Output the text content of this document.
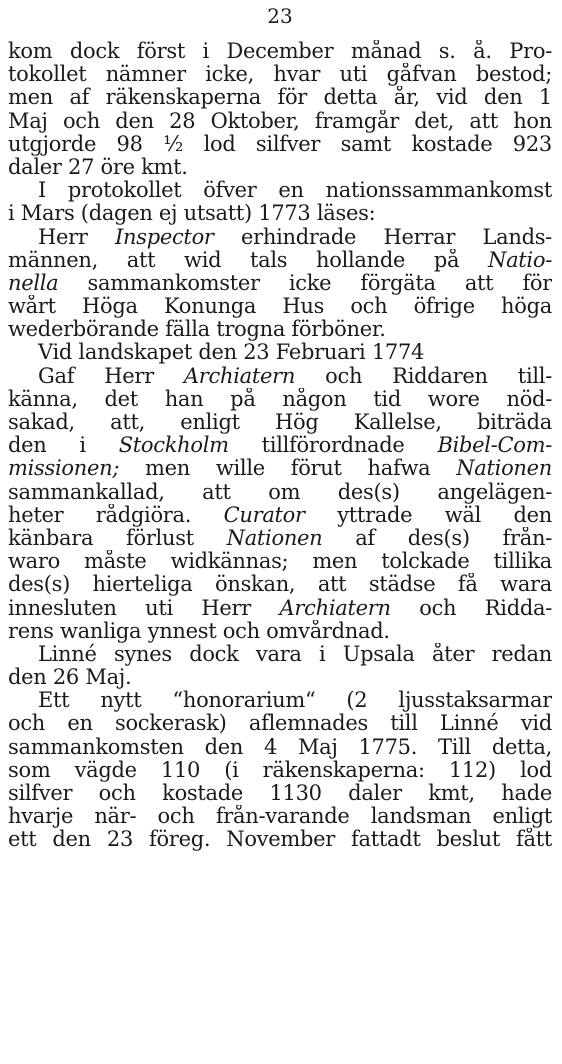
23
kom dock först i December månad s. å. Pro-
tokollet nämner icke, hvar uti gåfvan bestod;
men af räkenskaperna för detta år, vid den 1
Maj och den 28 Oktober, framgår det, att hon
utgjorde 98 ½ lod silfver samt kostade 923
daler 27 öre kmt.
I protokollet öfver en nationssammankomst
i Mars (dagen ej utsatt) 1773 läses:
Herr Inspector erhindrade Herrar Lands-
männen, att wid tals hollande på Natio-
nella sammankomster icke förgäta att för
wårt Höga Konunga Hus och öfrige höga
wederbörande fälla trogna förböner.
Vid landskapet den 23 Februari 1774
Gaf Herr Archiatern och Riddaren till-
känna, det han på någon tid wore nöd-
sakad, att, enligt Hög Kallelse, biträda
den i Stockholm tillförordnade Bibel-Com-
missionen; men wille förut hafwa Nationen
sammankallad, att om des(s) angelägen-
heter rådgiöra. Curator yttrade wäl den
känbara förlust Nationen af des(s) från-
waro måste widkännas; men tolckade tillika
des(s) hierteliga önskan, att städse få wara
inneslutеn uti Herr Archiatern och Ridda-
rens wanliga ynnest och omvårdnad.
Linné synes dock vara i Upsala åter redan
den 26 Maj.
Ett nytt “honorarium“ (2 ljusstaksarmar
och en sockerask) aflemnades till Linné vid
sammankomsten den 4 Maj 1775. Till detta,
som vägde 110 (i räkenskaperna: 112) lod
silfver och kostade 1130 daler kmt, hade
hvarje när- och från-varande landsman enligt
ett den 23 föreg. November fattadt beslut fått
